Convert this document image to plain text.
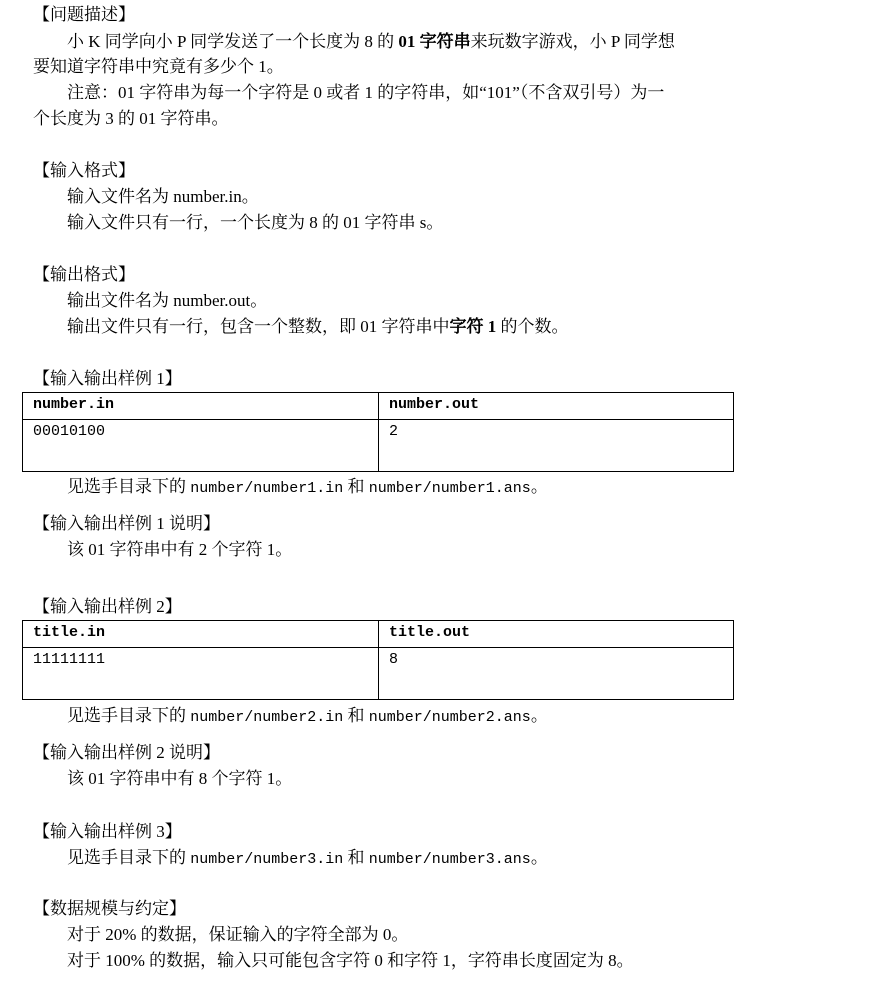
【问题描述】
小 K 同学向小 P 同学发送了一个长度为 8 的 01 字符串来玩数字游戏，小 P 同学想
要知道字符串中究竟有多少个 1。
注意：01 字符串为每一个字符是 0 或者 1 的字符串，如“101”（不含双引号）为一
个长度为 3 的 01 字符串。
【输入格式】
输入文件名为 number.in。
输入文件只有一行，一个长度为 8 的 01 字符串 s。
【输出格式】
输出文件名为 number.out。
输出文件只有一行，包含一个整数，即 01 字符串中字符 1 的个数。
【输入输出样例 1】
number.in	number.out
00010100	2
见选手目录下的 number/number1.in 和 number/number1.ans。
【输入输出样例 1 说明】
该 01 字符串中有 2 个字符 1。
【输入输出样例 2】
title.in	title.out
11111111	8
见选手目录下的 number/number2.in 和 number/number2.ans。
【输入输出样例 2 说明】
该 01 字符串中有 8 个字符 1。
【输入输出样例 3】
见选手目录下的 number/number3.in 和 number/number3.ans。
【数据规模与约定】
对于 20% 的数据，保证输入的字符全部为 0。
对于 100% 的数据，输入只可能包含字符 0 和字符 1，字符串长度固定为 8。
